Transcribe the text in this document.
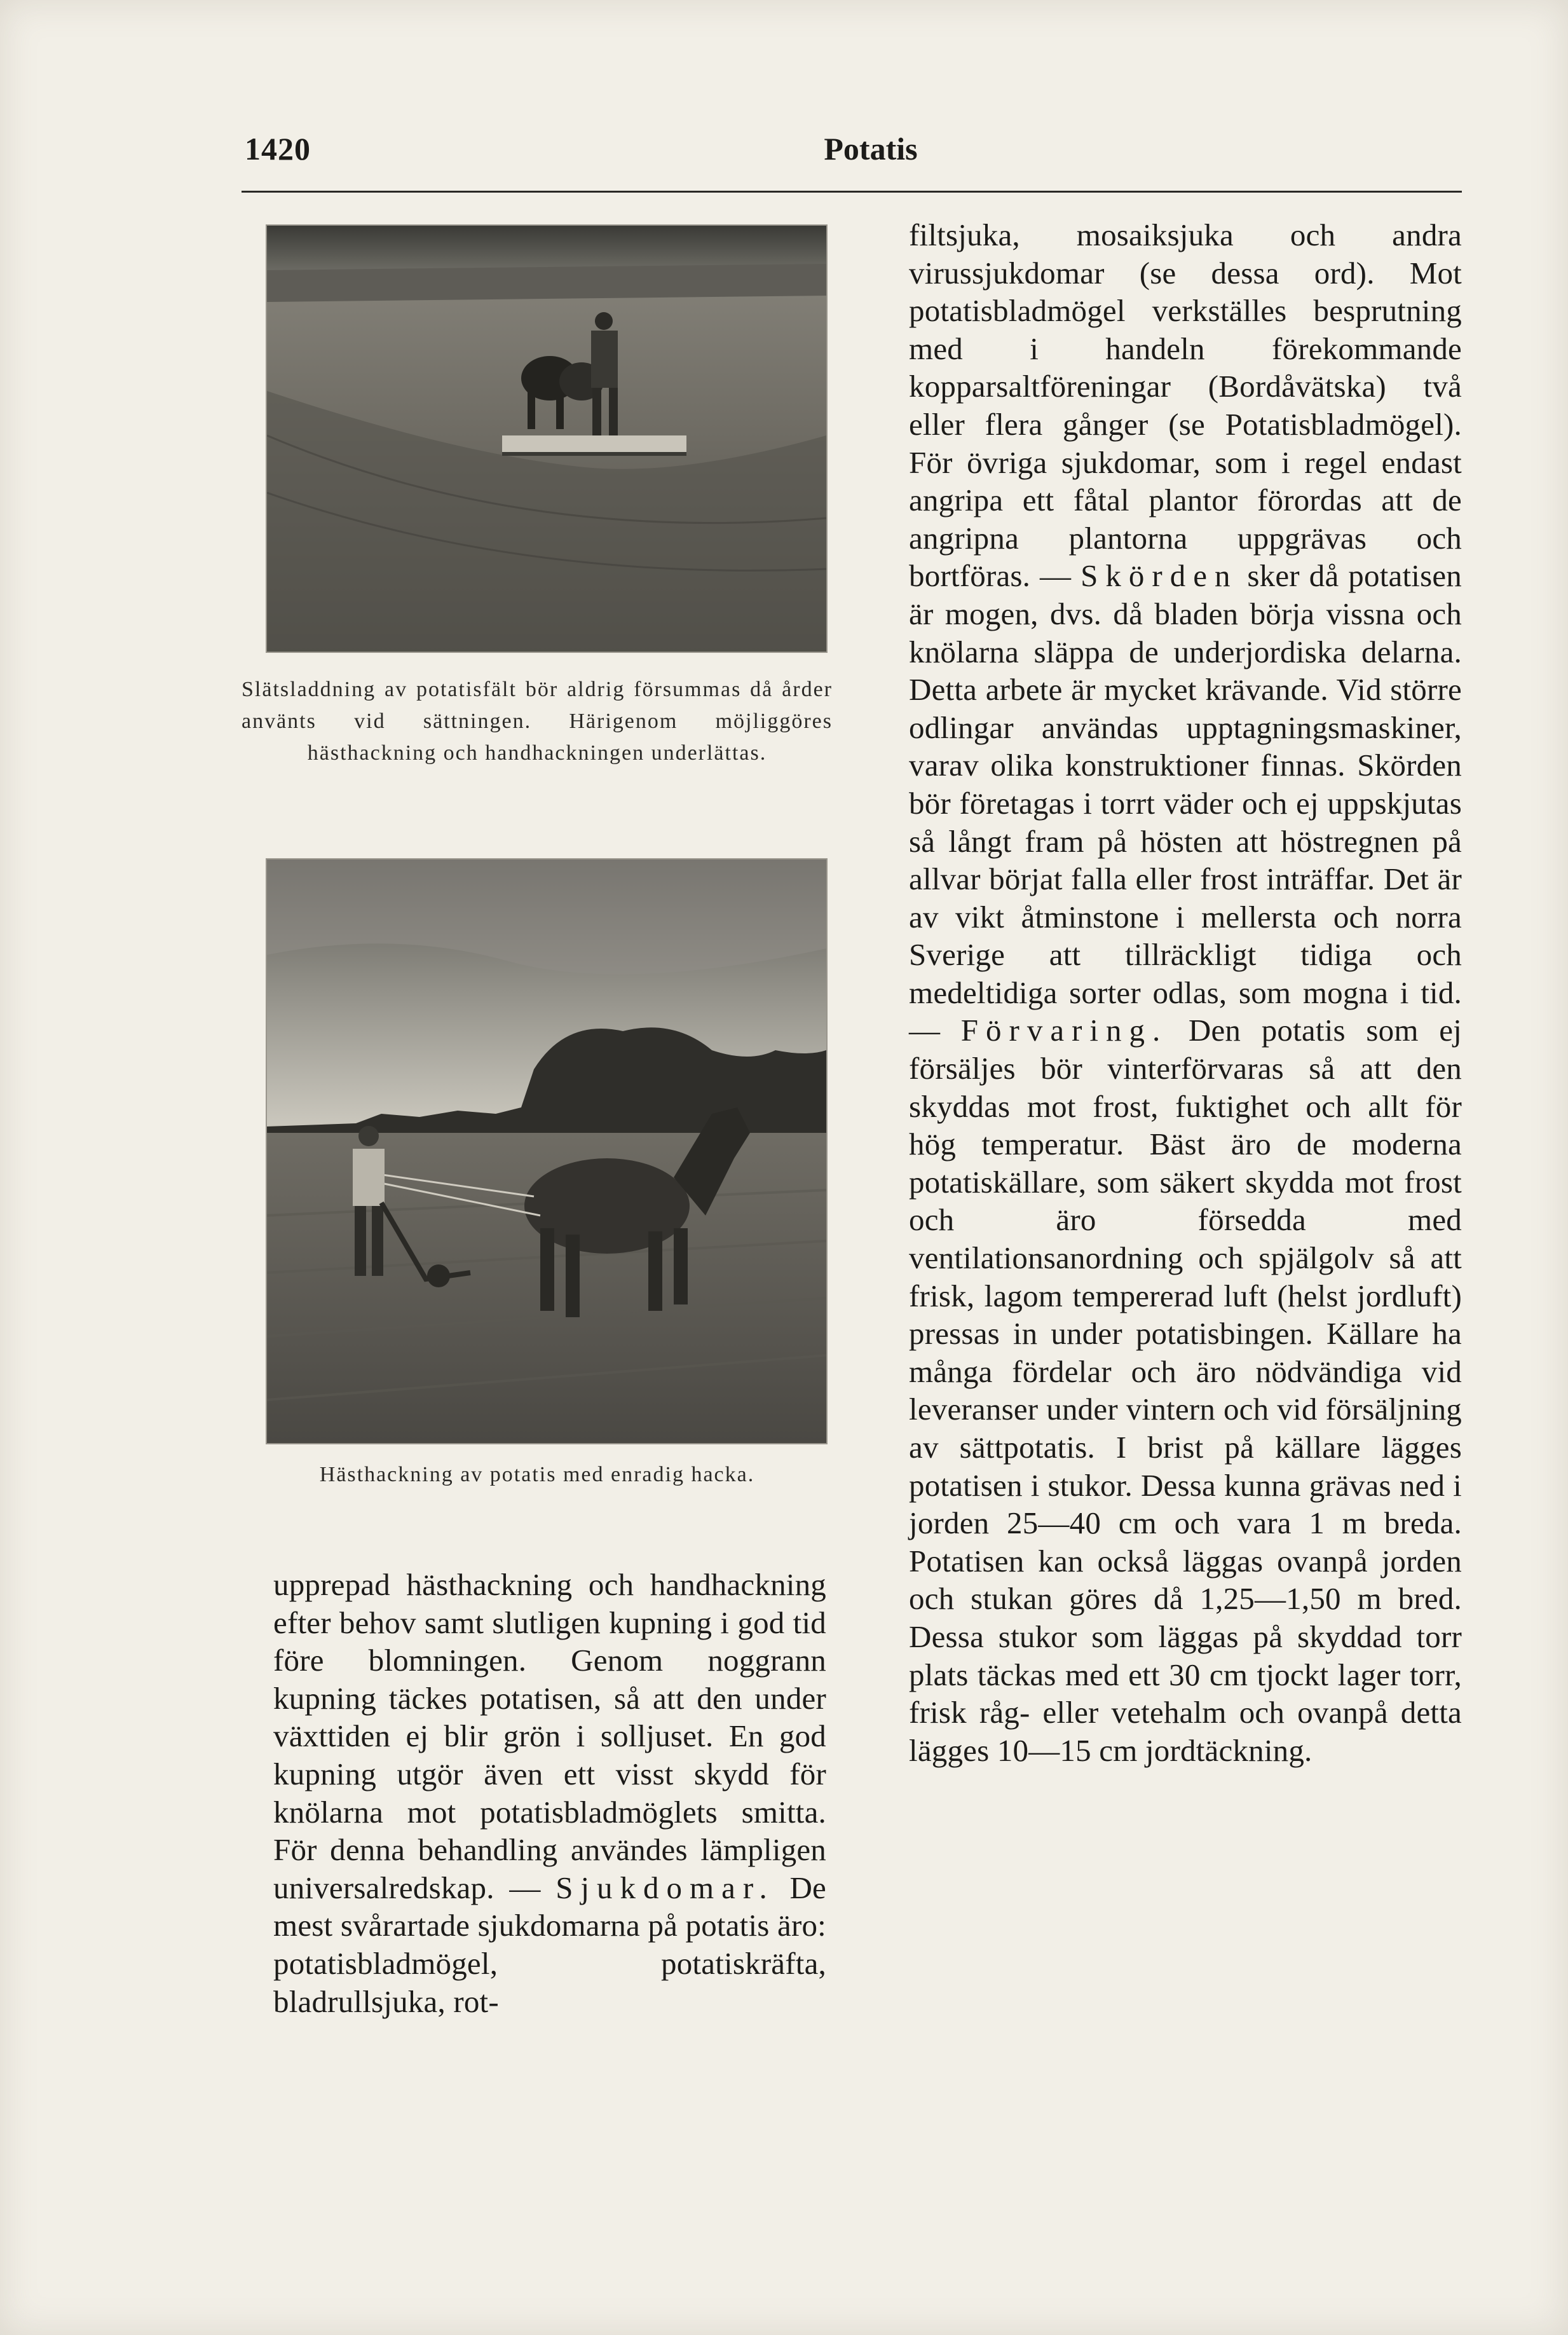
1420	Potatis
Slätsladdning av potatisfält bör aldrig försummas då årder använts vid sättningen. Härigenom möjliggöres hästhackning och handhackningen underlättas.
Hästhackning av potatis med enradig hacka.

upprepad hästhackning och handhackning efter behov samt slutligen kupning i god tid före blomningen. Genom noggrann kupning täckes potatisen, så att den under växttiden ej blir grön i solljuset. En god kupning utgör även ett visst skydd för knölarna mot potatisbladmöglets smitta. För denna behandling användes lämpligen universalredskap. — Sjukdomar. De mest svårartade sjukdomarna på potatis äro: potatisbladmögel, potatiskräfta, bladrullsjuka, rot-

filtsjuka, mosaiksjuka och andra virussjukdomar (se dessa ord). Mot potatisbladmögel verkställes besprutning med i handeln förekommande kopparsaltföreningar (Bordåvätska) två eller flera gånger (se Potatisbladmögel). För övriga sjukdomar, som i regel endast angripa ett fåtal plantor förordas att de angripna plantorna uppgrävas och bortföras. — Skörden sker då potatisen är mogen, dvs. då bladen börja vissna och knölarna släppa de underjordiska delarna. Detta arbete är mycket krävande. Vid större odlingar användas upptagningsmaskiner, varav olika konstruktioner finnas. Skörden bör företagas i torrt väder och ej uppskjutas så långt fram på hösten att höstregnen på allvar börjat falla eller frost inträffar. Det är av vikt åtminstone i mellersta och norra Sverige att tillräckligt tidiga och medeltidiga sorter odlas, som mogna i tid. — Förvaring. Den potatis som ej försäljes bör vinterförvaras så att den skyddas mot frost, fuktighet och allt för hög temperatur. Bäst äro de moderna potatiskällare, som säkert skydda mot frost och äro försedda med ventilationsanordning och spjälgolv så att frisk, lagom tempererad luft (helst jordluft) pressas in under potatisbingen. Källare ha många fördelar och äro nödvändiga vid leveranser under vintern och vid försäljning av sättpotatis. I brist på källare lägges potatisen i stukor. Dessa kunna grävas ned i jorden 25—40 cm och vara 1 m breda. Potatisen kan också läggas ovanpå jorden och stukan göres då 1,25—1,50 m bred. Dessa stukor som läggas på skyddad torr plats täckas med ett 30 cm tjockt lager torr, frisk råg- eller vetehalm och ovanpå detta lägges 10—15 cm jordtäckning.
